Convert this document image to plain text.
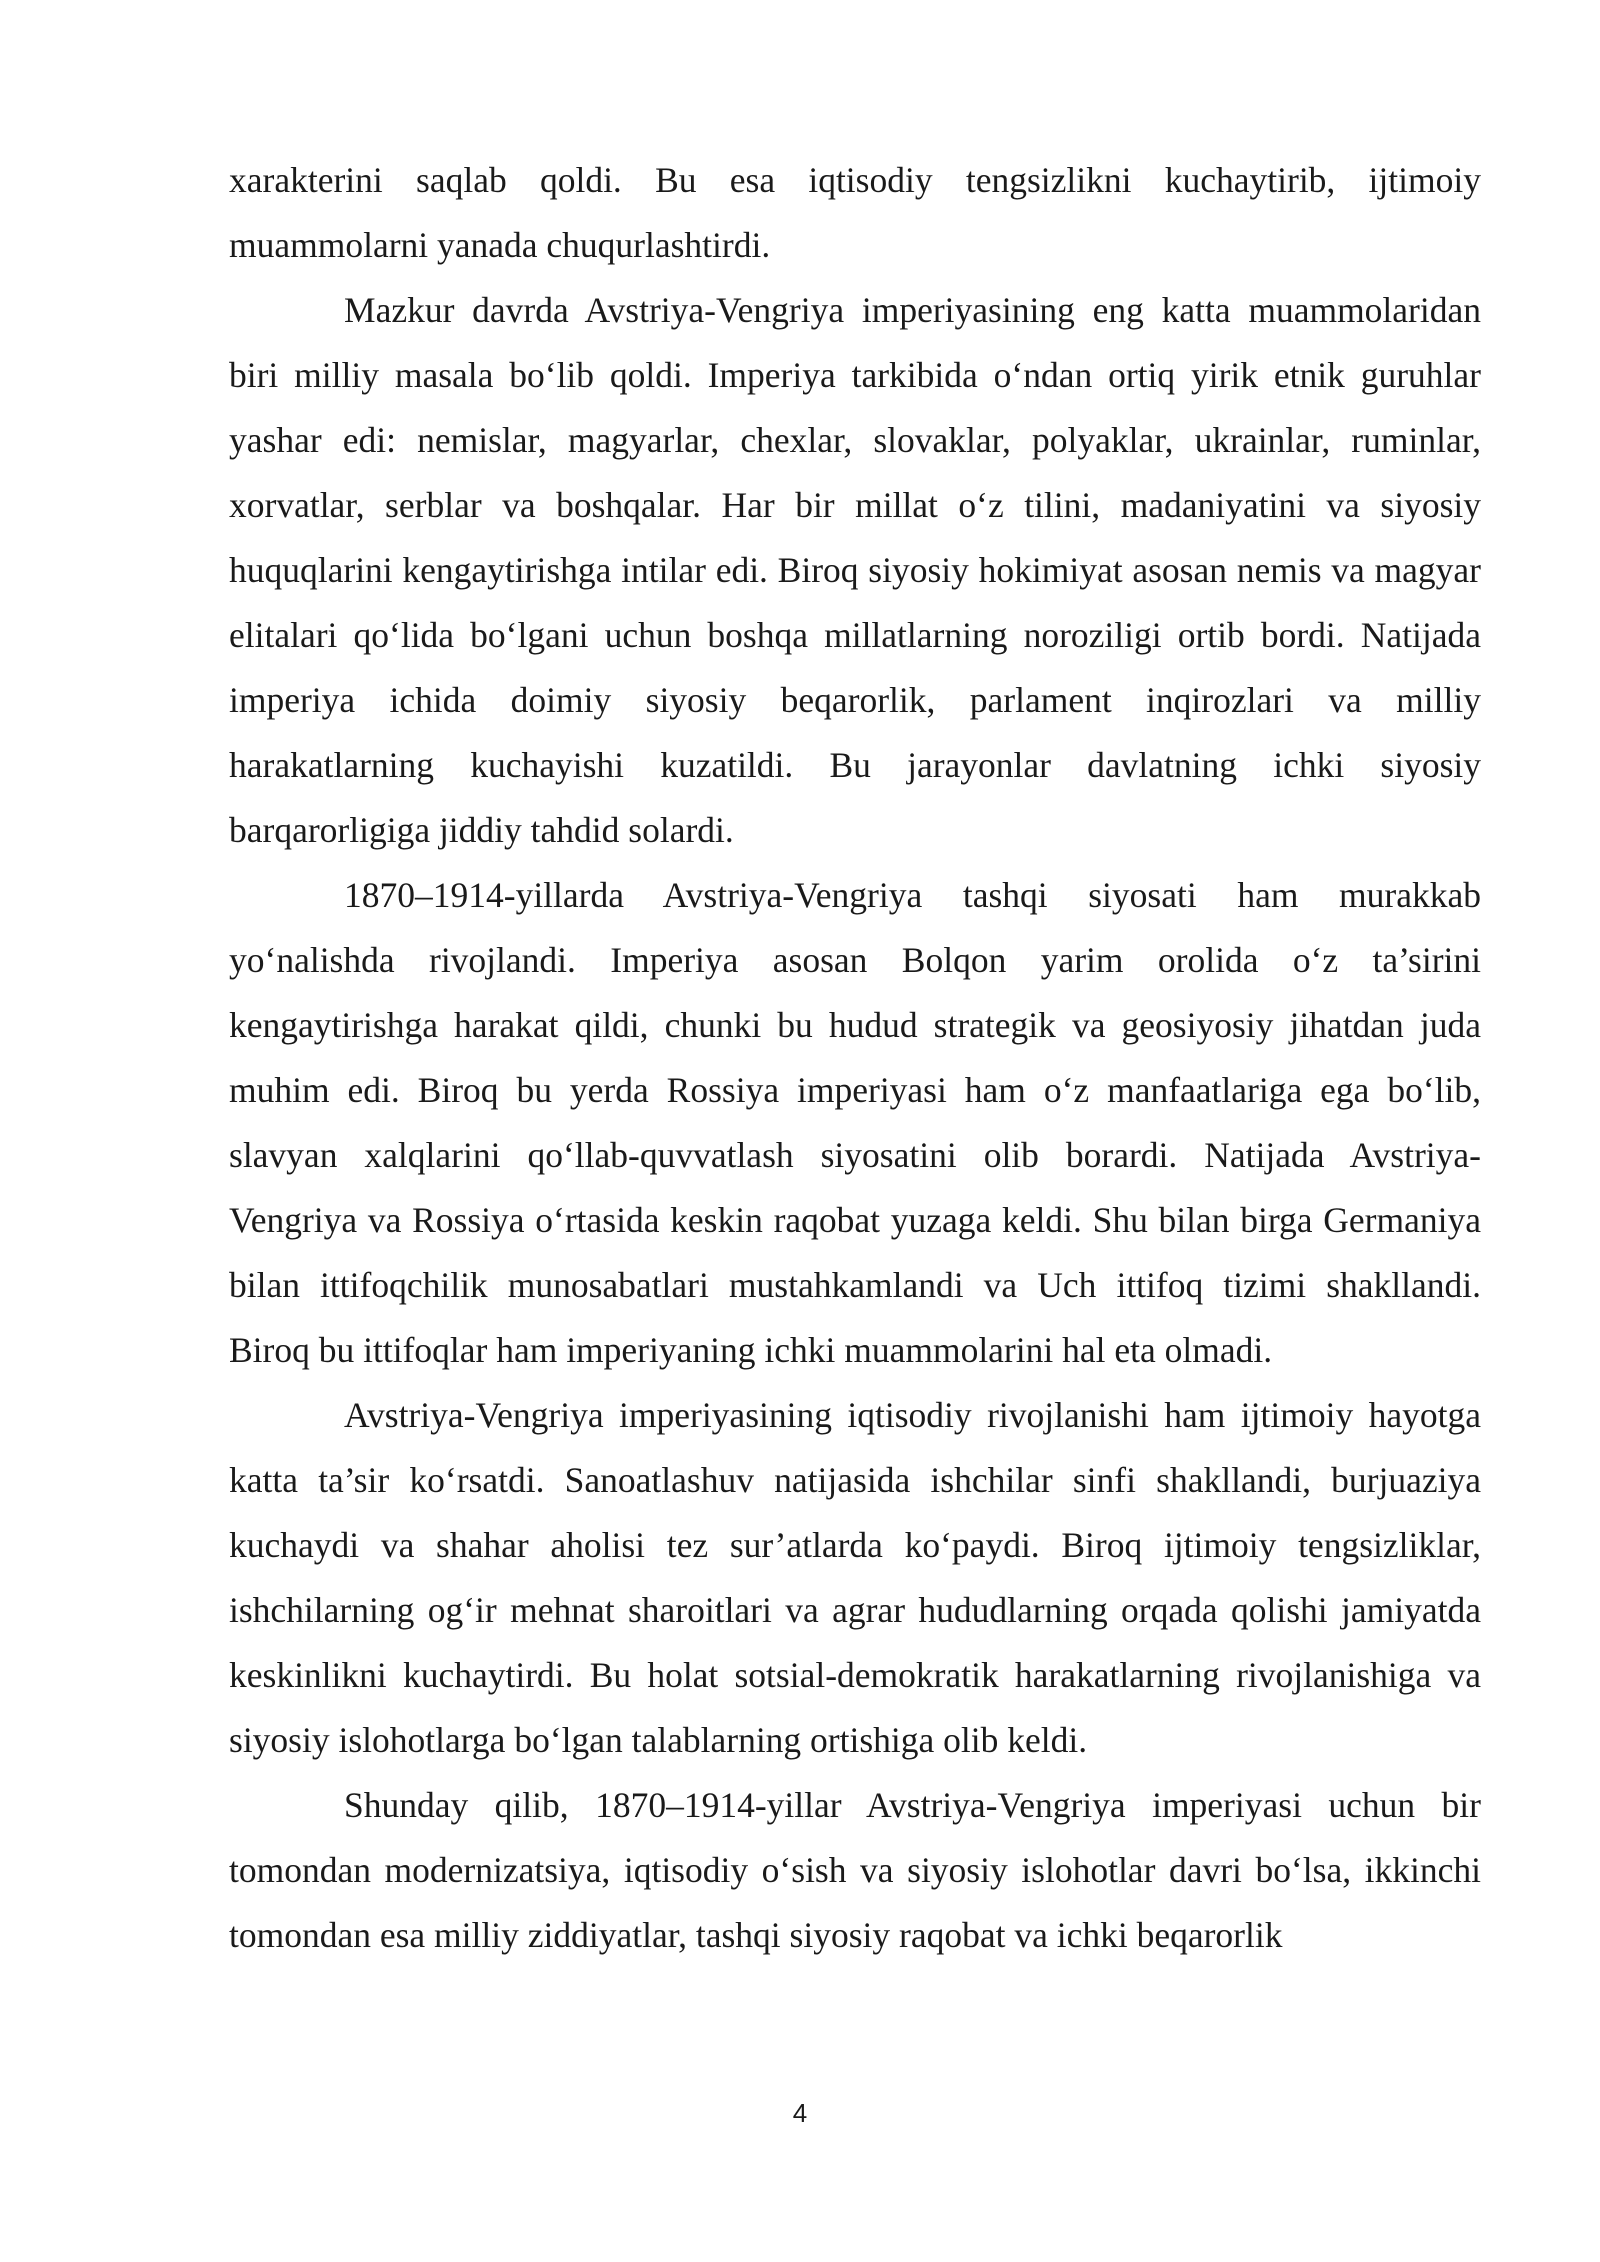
xarakterini saqlab qoldi. Bu esa iqtisodiy tengsizlikni kuchaytirib, ijtimoiy muammolarni yanada chuqurlashtirdi.

Mazkur davrda Avstriya-Vengriya imperiyasining eng katta muammolaridan biri milliy masala bo‘lib qoldi. Imperiya tarkibida o‘ndan ortiq yirik etnik guruhlar yashar edi: nemislar, magyarlar, chexlar, slovaklar, polyaklar, ukrainlar, ruminlar, xorvatlar, serblar va boshqalar. Har bir millat o‘z tilini, madaniyatini va siyosiy huquqlarini kengaytirishga intilar edi. Biroq siyosiy hokimiyat asosan nemis va magyar elitalari qo‘lida bo‘lgani uchun boshqa millatlarning noroziligi ortib bordi. Natijada imperiya ichida doimiy siyosiy beqarorlik, parlament inqirozlari va milliy harakatlarning kuchayishi kuzatildi. Bu jarayonlar davlatning ichki siyosiy barqarorligiga jiddiy tahdid solardi.

1870–1914-yillarda Avstriya-Vengriya tashqi siyosati ham murakkab yo‘nalishda rivojlandi. Imperiya asosan Bolqon yarim orolida o‘z ta’sirini kengaytirishga harakat qildi, chunki bu hudud strategik va geosiyosiy jihatdan juda muhim edi. Biroq bu yerda Rossiya imperiyasi ham o‘z manfaatlariga ega bo‘lib, slavyan xalqlarini qo‘llab-quvvatlash siyosatini olib borardi. Natijada Avstriya-Vengriya va Rossiya o‘rtasida keskin raqobat yuzaga keldi. Shu bilan birga Germaniya bilan ittifoqchilik munosabatlari mustahkamlandi va Uch ittifoq tizimi shakllandi. Biroq bu ittifoqlar ham imperiyaning ichki muammolarini hal eta olmadi.

Avstriya-Vengriya imperiyasining iqtisodiy rivojlanishi ham ijtimoiy hayotga katta ta’sir ko‘rsatdi. Sanoatlashuv natijasida ishchilar sinfi shakllandi, burjuaziya kuchaydi va shahar aholisi tez sur’atlarda ko‘paydi. Biroq ijtimoiy tengsizliklar, ishchilarning og‘ir mehnat sharoitlari va agrar hududlarning orqada qolishi jamiyatda keskinlikni kuchaytirdi. Bu holat sotsial-demokratik harakatlarning rivojlanishiga va siyosiy islohotlarga bo‘lgan talablarning ortishiga olib keldi.

Shunday qilib, 1870–1914-yillar Avstriya-Vengriya imperiyasi uchun bir tomondan modernizatsiya, iqtisodiy o‘sish va siyosiy islohotlar davri bo‘lsa, ikkinchi tomondan esa milliy ziddiyatlar, tashqi siyosiy raqobat va ichki beqarorlik

4
